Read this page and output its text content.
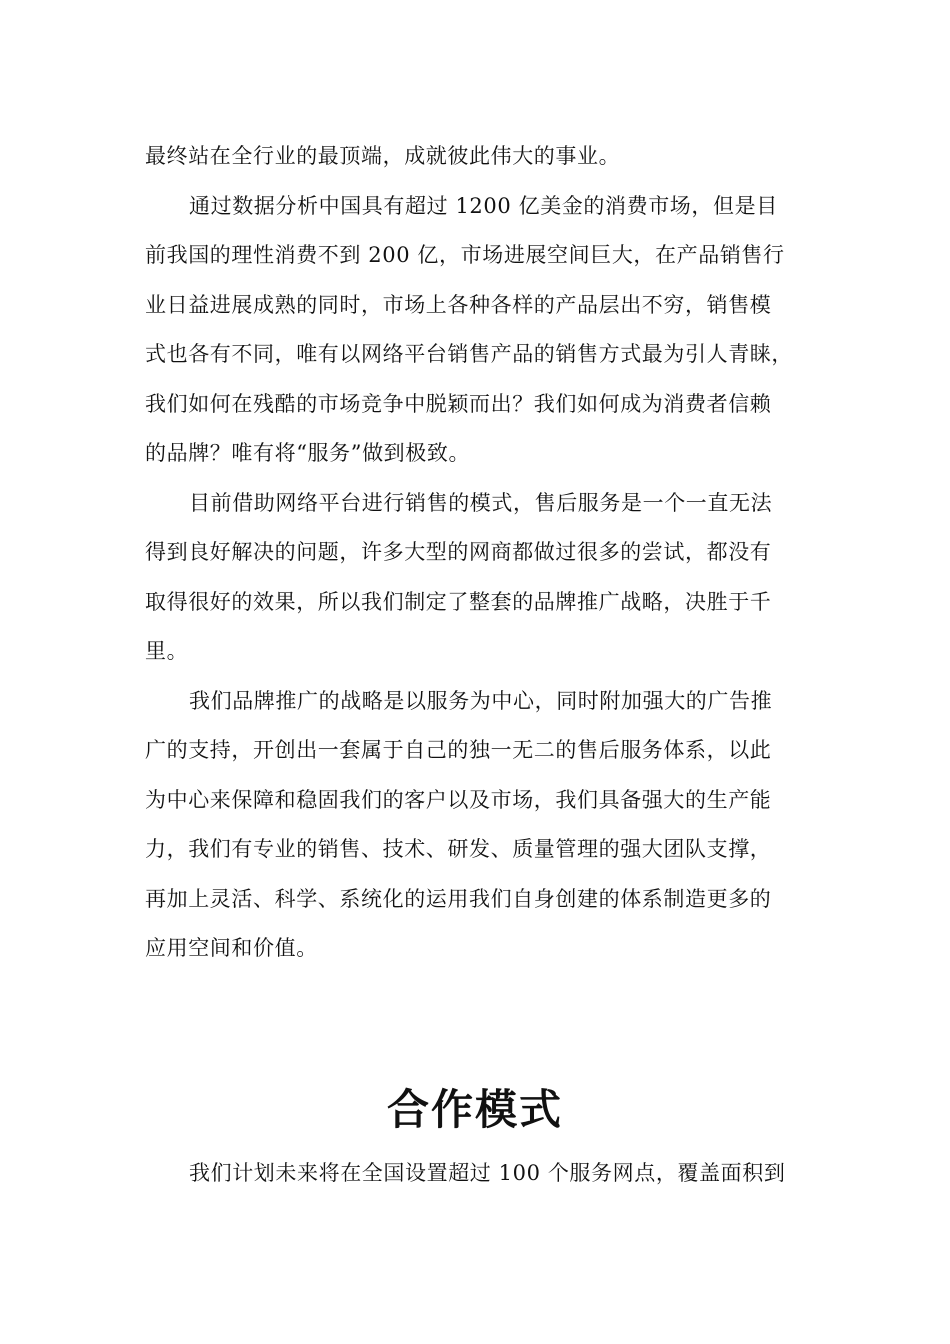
最终站在全行业的最顶端，成就彼此伟大的事业。

通过数据分析中国具有超过 1200 亿美金的消费市场，但是目
前我国的理性消费不到 200 亿，市场进展空间巨大，在产品销售行
业日益进展成熟的同时，市场上各种各样的产品层出不穷，销售模
式也各有不同，唯有以网络平台销售产品的销售方式最为引人青睐，
我们如何在残酷的市场竞争中脱颖而出？我们如何成为消费者信赖
的品牌？唯有将“服务”做到极致。

目前借助网络平台进行销售的模式，售后服务是一个一直无法
得到良好解决的问题，许多大型的网商都做过很多的尝试，都没有
取得很好的效果，所以我们制定了整套的品牌推广战略，决胜于千
里。

我们品牌推广的战略是以服务为中心，同时附加强大的广告推
广的支持，开创出一套属于自己的独一无二的售后服务体系，以此
为中心来保障和稳固我们的客户以及市场，我们具备强大的生产能
力，我们有专业的销售、技术、研发、质量管理的强大团队支撑，
再加上灵活、科学、系统化的运用我们自身创建的体系制造更多的
应用空间和价值。

合作模式

我们计划未来将在全国设置超过 100 个服务网点，覆盖面积到
